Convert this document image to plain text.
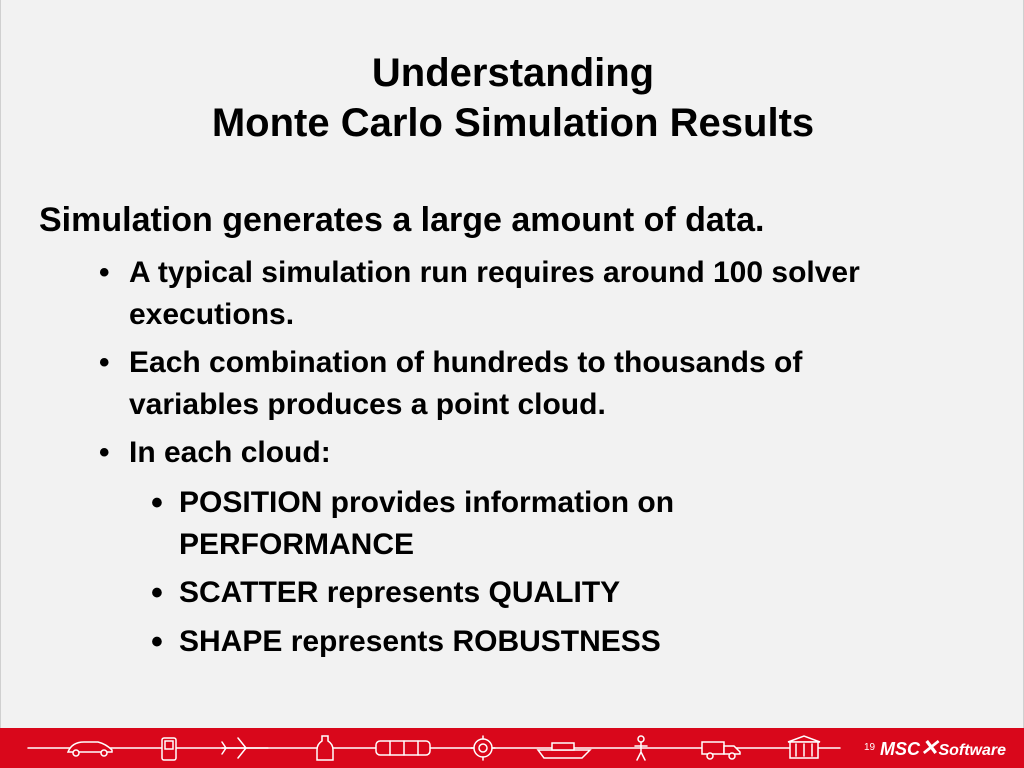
Understanding
Monte Carlo Simulation Results
Simulation generates a large amount of data.
• A typical simulation run requires around 100 solver
executions.
• Each combination of hundreds to thousands of
variables produces a point cloud.
• In each cloud:
• POSITION provides information on
PERFORMANCE
• SCATTER represents QUALITY
• SHAPE represents ROBUSTNESS
19 MSC✕Software
